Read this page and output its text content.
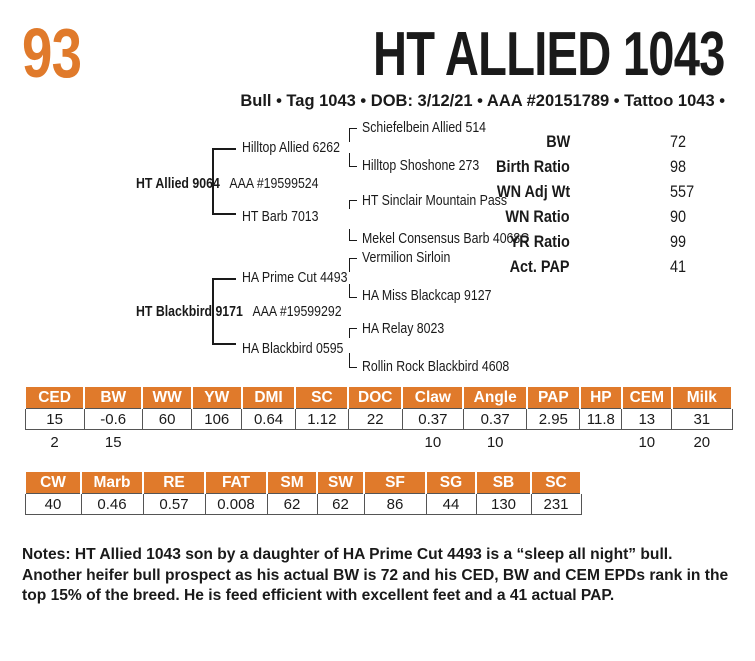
93	HT ALLIED 1043
Bull • Tag 1043 • DOB: 3/12/21 • AAA #20151789 • Tattoo 1043 •
Schiefelbein Allied 514
Hilltop Allied 6262
Hilltop Shoshone 273
HT Allied 9064 AAA #19599524
HT Sinclair Mountain Pass
HT Barb 7013
Mekel Consensus Barb 4068C
Vermilion Sirloin
HA Prime Cut 4493
HA Miss Blackcap 9127
HT Blackbird 9171 AAA #19599292
HA Relay 8023
HA Blackbird 0595
Rollin Rock Blackbird 4608
BW	72
Birth Ratio	98
WN Adj Wt	557
WN Ratio	90
YR Ratio	99
Act. PAP	41
CED	BW	WW	YW	DMI	SC	DOC	Claw	Angle	PAP	HP	CEM	Milk
15	-0.6	60	106	0.64	1.12	22	0.37	0.37	2.95	11.8	13	31
2	15						10	10			10	20
CW	Marb	RE	FAT	SM	SW	SF	SG	SB	SC
40	0.46	0.57	0.008	62	62	86	44	130	231
Notes: HT Allied 1043 son by a daughter of HA Prime Cut 4493 is a “sleep all night” bull. Another heifer bull prospect as his actual BW is 72 and his CED, BW and CEM EPDs rank in the top 15% of the breed. He is feed efficient with excellent feet and a 41 actual PAP.
